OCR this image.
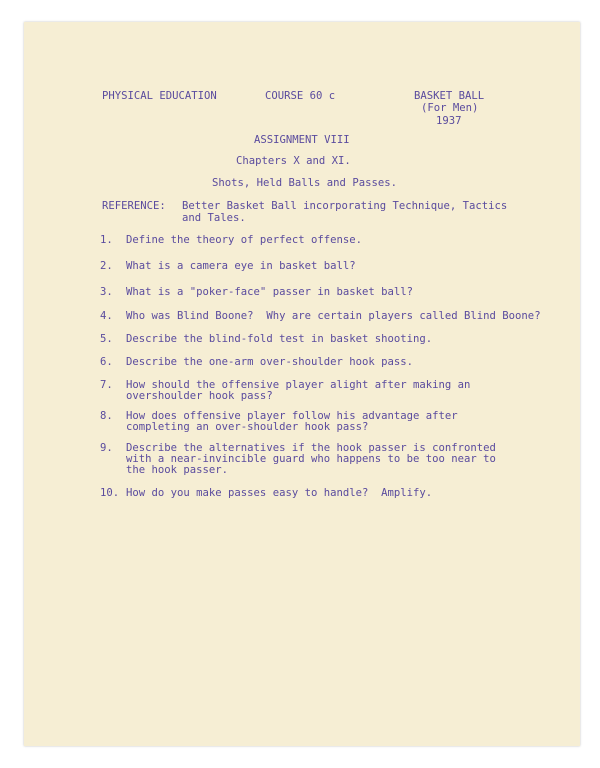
PHYSICAL EDUCATION	COURSE 60 c	BASKET BALL
(For Men)
1937
ASSIGNMENT VIII
Chapters X and XI.
Shots, Held Balls and Passes.
REFERENCE: Better Basket Ball incorporating Technique, Tactics
and Tales.
1. Define the theory of perfect offense.
2. What is a camera eye in basket ball?
3. What is a "poker-face" passer in basket ball?
4. Who was Blind Boone?  Why are certain players called Blind Boone?
5. Describe the blind-fold test in basket shooting.
6. Describe the one-arm over-shoulder hook pass.
7. How should the offensive player alight after making an
overshoulder hook pass?
8. How does offensive player follow his advantage after
completing an over-shoulder hook pass?
9. Describe the alternatives if the hook passer is confronted
with a near-invincible guard who happens to be too near to
the hook passer.
10. How do you make passes easy to handle?  Amplify.
